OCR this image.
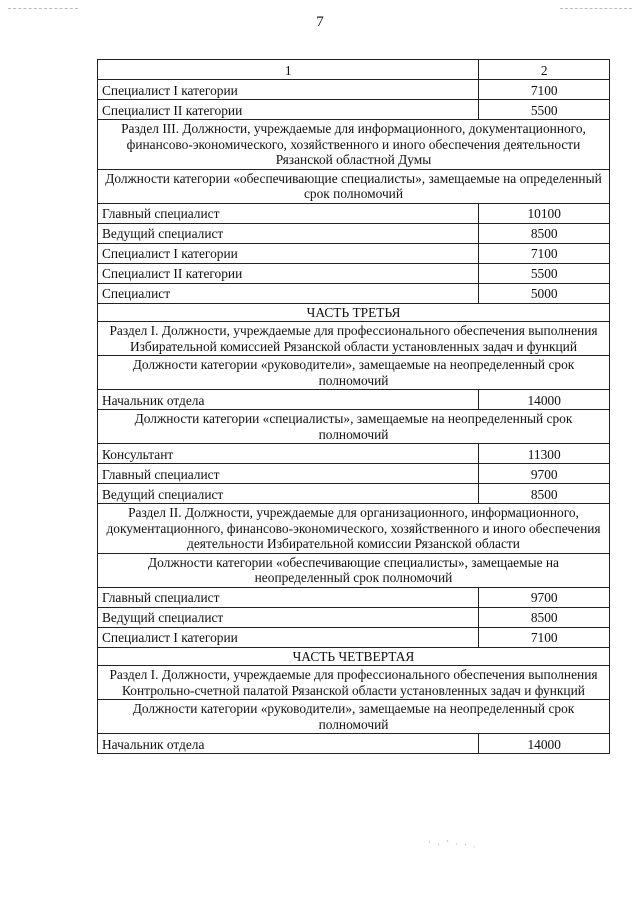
7
1	2
Специалист I категории	7100
Специалист II категории	5500
Раздел III. Должности, учреждаемые для информационного, документационного, финансово-экономического, хозяйственного и иного обеспечения деятельности Рязанской областной Думы	
Должности категории «обеспечивающие специалисты», замещаемые на определенный срок полномочий	
Главный специалист	10100
Ведущий специалист	8500
Специалист I категории	7100
Специалист II категории	5500
Специалист	5000
ЧАСТЬ ТРЕТЬЯ	
Раздел I. Должности, учреждаемые для профессионального обеспечения выполнения Избирательной комиссией Рязанской области установленных задач и функций	
Должности категории «руководители», замещаемые на неопределенный срок полномочий	
Начальник отдела	14000
Должности категории «специалисты», замещаемые на неопределенный срок полномочий	
Консультант	11300
Главный специалист	9700
Ведущий специалист	8500
Раздел II. Должности, учреждаемые для организационного, информационного, документационного, финансово-экономического, хозяйственного и иного обеспечения деятельности Избирательной комиссии Рязанской области	
Должности категории «обеспечивающие специалисты», замещаемые на неопределенный срок полномочий	
Главный специалист	9700
Ведущий специалист	8500
Специалист I категории	7100
ЧАСТЬ ЧЕТВЕРТАЯ	
Раздел I. Должности, учреждаемые для профессионального обеспечения выполнения Контрольно-счетной палатой Рязанской области установленных задач и функций	
Должности категории «руководители», замещаемые на неопределенный срок полномочий	
Начальник отдела	14000
˙ ᐧ ՝ ˑ ᐧ ˒
